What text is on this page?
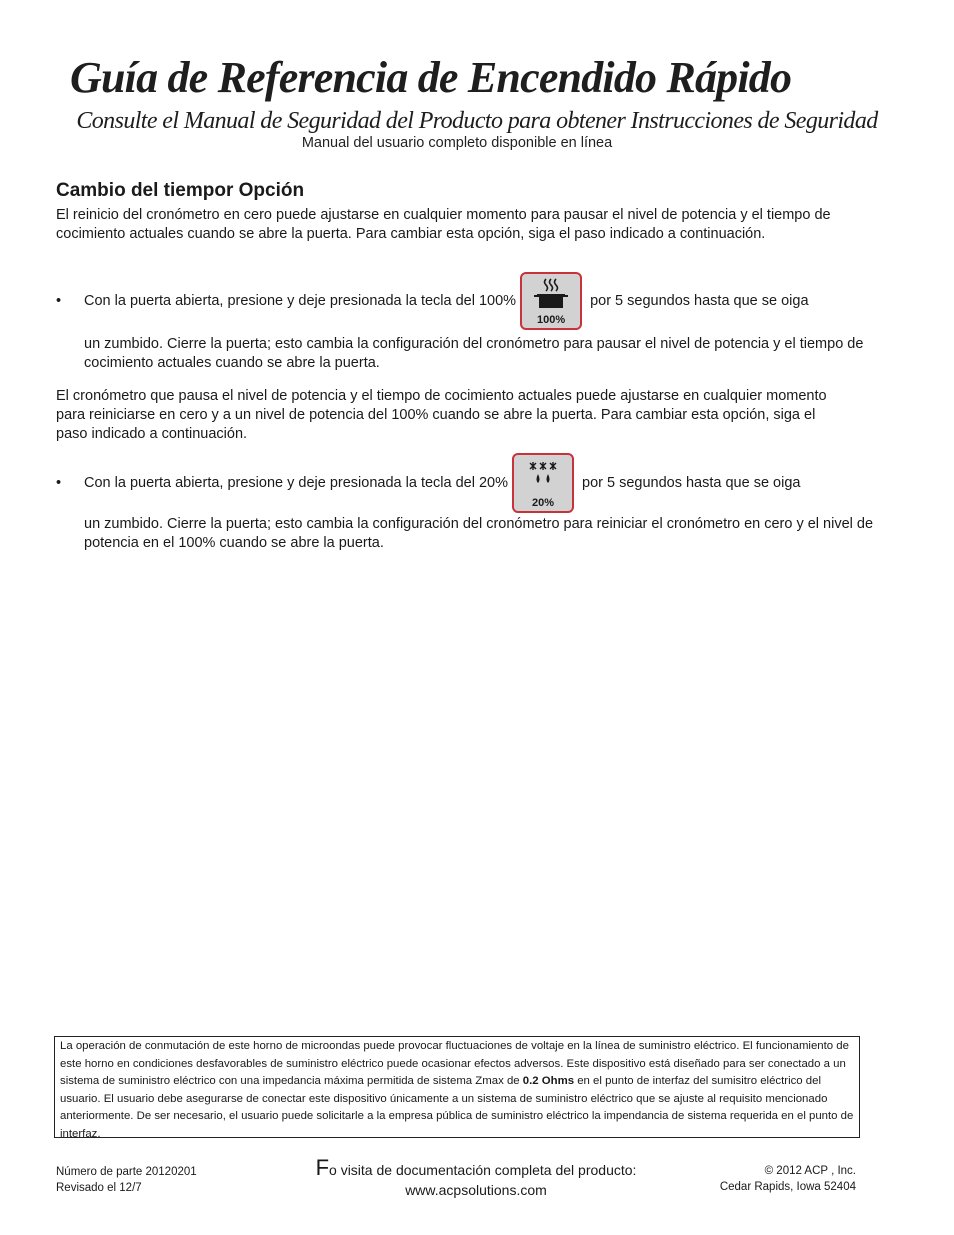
Guía de Referencia de Encendido Rápido
Consulte el Manual de Seguridad del Producto para obtener Instrucciones de Seguridad
Manual del usuario completo disponible en línea
Cambio del tiempor Opción

El reinicio del cronómetro en cero puede ajustarse en cualquier momento para pausar el nivel de potencia y el tiempo de cocimiento actuales cuando se abre la puerta. Para cambiar esta opción, siga el paso indicado a continuación.

•	Con la puerta abierta, presione y deje presionada la tecla del 100%
100%
por 5 segundos hasta que se oiga

un zumbido. Cierre la puerta; esto cambia la configuración del cronómetro para pausar el nivel de potencia y el tiempo de cocimiento actuales cuando se abre la puerta.

El cronómetro que pausa el nivel de potencia y el tiempo de cocimiento actuales puede ajustarse en cualquier momento para reiniciarse en cero y a un nivel de potencia del 100% cuando se abre la puerta. Para cambiar esta opción, siga el paso indicado a continuación.

•	Con la puerta abierta, presione y deje presionada la tecla del 20%
20%
por 5 segundos hasta que se oiga

un zumbido. Cierre la puerta; esto cambia la configuración del cronómetro para reiniciar el cronómetro en cero y el nivel de potencia en el 100% cuando se abre la puerta.

La operación de conmutación de este horno de microondas puede provocar fluctuaciones de voltaje en la línea de suministro eléctrico. El funcionamiento de este horno en condiciones desfavorables de suministro eléctrico puede ocasionar efectos adversos. Este dispositivo está diseñado para ser conectado a un sistema de suministro eléctrico con una impedancia máxima permitida de sistema Zmax de 0.2 Ohms en el punto de interfaz del sumisitro eléctrico del usuario. El usuario debe asegurarse de conectar este dispositivo únicamente a un sistema de suministro eléctrico que se ajuste al requisito mencionado anteriormente. De ser necesario, el usuario puede solicitarle a la empresa pública de suministro eléctrico la impendancia de sistema requerida en el punto de interfaz.
Número de parte 20120201
Revisado el 12/7
Fo visita de documentación completa del producto:
www.acpsolutions.com
© 2012 ACP , Inc.
Cedar Rapids, Iowa 52404
